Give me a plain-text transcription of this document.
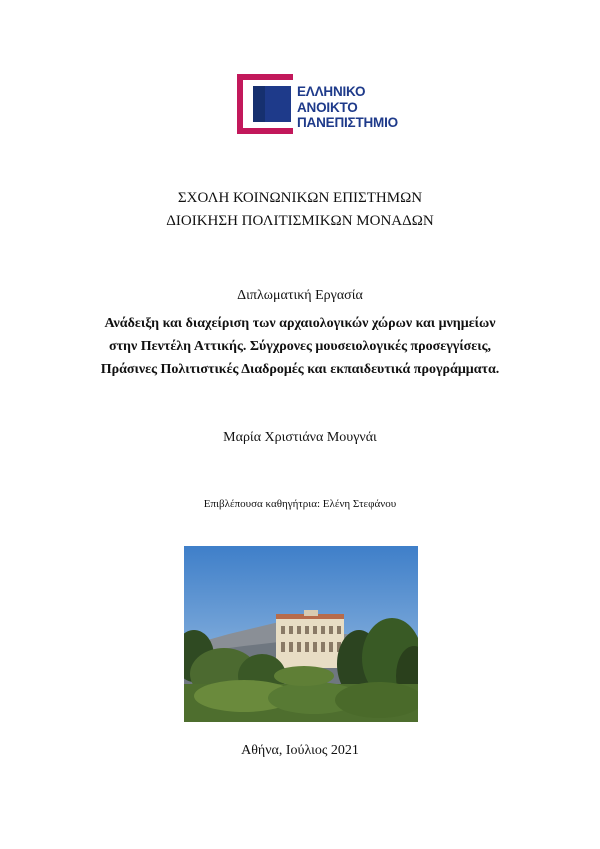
ΕΛΛΗΝΙΚΟ
ΑΝΟΙΚΤΟ
ΠΑΝΕΠΙΣΤΗΜΙΟ
ΣΧΟΛΗ ΚΟΙΝΩΝΙΚΩΝ ΕΠΙΣΤΗΜΩΝ
ΔΙΟΙΚΗΣΗ ΠΟΛΙΤΙΣΜΙΚΩΝ ΜΟΝΑΔΩΝ
Διπλωματική Εργασία
Ανάδειξη και διαχείριση των αρχαιολογικών χώρων και μνημείων
στην Πεντέλη Αττικής. Σύγχρονες μουσειολογικές προσεγγίσεις,
Πράσινες Πολιτιστικές Διαδρομές και εκπαιδευτικά προγράμματα.
Μαρία Χριστιάνα Μουγνάι
Επιβλέπουσα καθηγήτρια: Ελένη Στεφάνου
Αθήνα, Ιούλιος 2021
